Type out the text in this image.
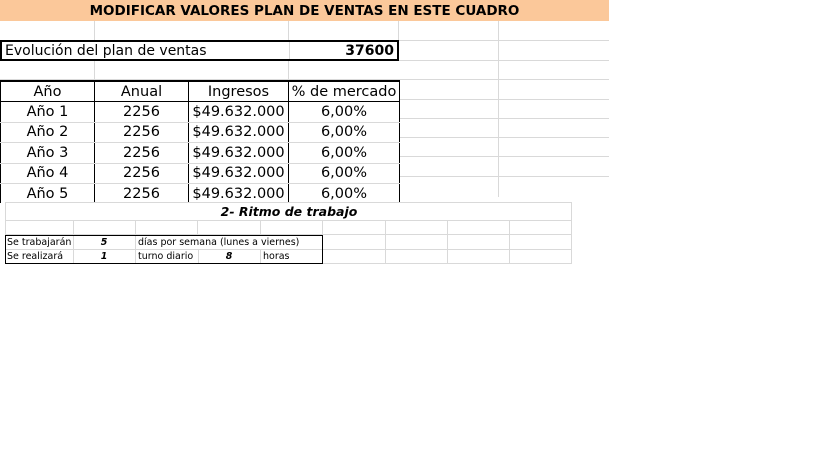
MODIFICAR VALORES PLAN DE VENTAS EN ESTE CUADRO
Evolución del plan de ventas	37600
Año	Anual	Ingresos	% de mercado
Año 1	2256	$49.632.000	6,00%
Año 2	2256	$49.632.000	6,00%
Año 3	2256	$49.632.000	6,00%
Año 4	2256	$49.632.000	6,00%
Año 5	2256	$49.632.000	6,00%
2- Ritmo de trabajo
Se trabajarán	5	días por semana (lunes a viernes)
Se realizará	1	turno diario	8	horas
